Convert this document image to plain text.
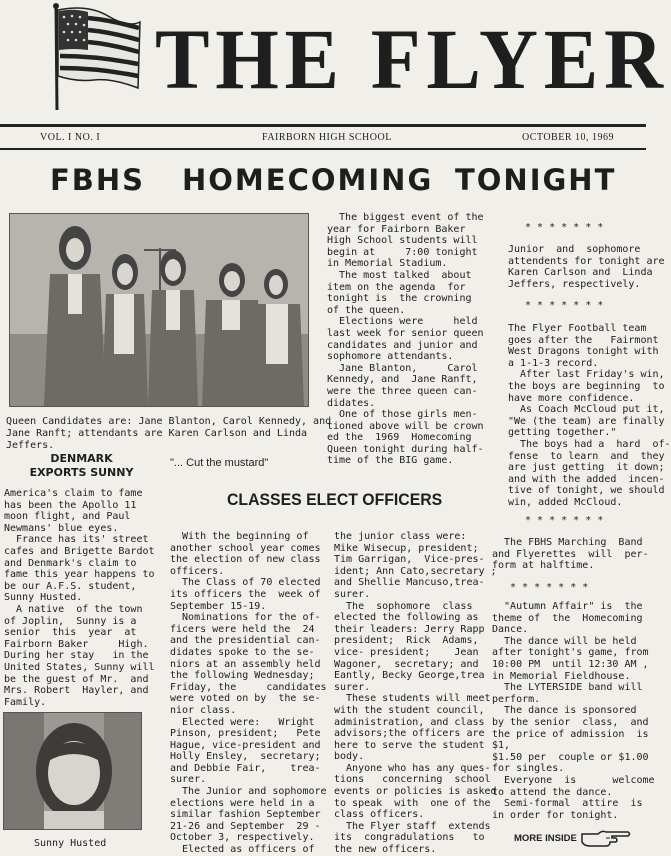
THE FLYER
VOL. I NO. I	FAIRBORN HIGH SCHOOL	OCTOBER 10, 1969
FBHS HOMECOMING TONIGHT
Queen Candidates are: Jane Blanton, Carol Kennedy, and
Jane Ranft; attendants are Karen Carlson and Linda
Jeffers.
DENMARK
EXPORTS SUNNY
America's claim to fame
has been the Apollo 11
moon flight, and Paul
Newmans' blue eyes.
France has its' street
cafes and Brigette Bardot
and Denmark's claim to
fame this year happens to
be our A.F.S. student,
Sunny Husted.
A native  of the town
of Joplin,  Sunny is a
senior  this  year  at
Fairborn Baker     High.
During her stay   in the
United States, Sunny will
be the guest of Mr.  and
Mrs. Robert  Hayler, and
Family.
Sunny Husted
"... Cut the mustard"
The biggest event of the
year for Fairborn Baker
High School students will
begin at     7:00 tonight
in Memorial Stadium.
The most talked  about
item on the agenda  for
tonight is  the crowning
of the queen.
Elections were     held
last week for senior queen
candidates and junior and
sophomore attendants.
Jane Blanton,     Carol
Kennedy, and  Jane Ranft,
were the three queen can-
didates.
One of those girls men-
tioned above will be crown
ed the  1969  Homecoming
Queen tonight during half-
time of the BIG game.
CLASSES ELECT OFFICERS
With the beginning of
another school year comes
the election of new class
officers.
The Class of 70 elected
its officers the  week of
September 15-19.
Nominations for the of-
ficers were held the  24
and the presidential can-
didates spoke to the se-
niors at an assembly held
the following Wednesday;
Friday, the     candidates
were voted on by  the se-
nior class.
Elected were:   Wright
Pinson, president;   Pete
Hague, vice-president and
Holly Ensley,  secretary;
and Debbie Fair,    trea-
surer.
The Junior and sophomore
elections were held in a
similar fashion September
21-26 and September  29 -
October 3, respectively.
Elected as officers of
the junior class were:
Mike Wisecup, president;
Tim Garrigan,  Vice-pres-
ident; Ann Cato,secretary ;
and Shellie Mancuso,trea-
surer.
The  sophomore  class
elected the following as
their leaders: Jerry Rapp
president;  Rick  Adams,
vice- president;    Jean
Wagoner,  secretary; and
Eantly, Becky George,trea
surer.
These students will meet
with the student council,
administration, and class
advisors;the officers are
here to serve the student
body.
Anyone who has any ques-
tions   concerning  school
events or policies is asked
to speak  with  one of the
class officers.
The Flyer staff  extends
its  congradulations   to
the new officers.
* * * * * * *
Junior  and  sophomore
attendents for tonight are
Karen Carlson and  Linda
Jeffers, respectively.
* * * * * * *
The Flyer Football team
goes after the   Fairmont
West Dragons tonight with
a 1-1-3 record.
After last Friday's win,
the boys are beginning  to
have more confidence.
As Coach McCloud put it,
"We (the team) are finally
getting together."
The boys had a  hard  of-
fense  to learn  and  they
are just getting  it down;
and with the added  incen-
tive of tonight, we should
win, added McCloud.
* * * * * * *
The FBHS Marching  Band
and Flyerettes  will  per-
form at halftime.
* * * * * * *
"Autumn Affair" is  the
theme of  the  Homecoming
Dance.
The dance will be held
after tonight's game, from
10:00 PM  until 12:30 AM ,
in Memorial Fieldhouse.
The LYTERSIDE band will
perform.
The dance is sponsored
by the senior  class,  and
the price of admission  is
$1,
$1.50 per  couple or $1.00
for singles.
Everyone  is      welcome
to attend the dance.
Semi-formal  attire  is
in order for tonight.
MORE INSIDE
